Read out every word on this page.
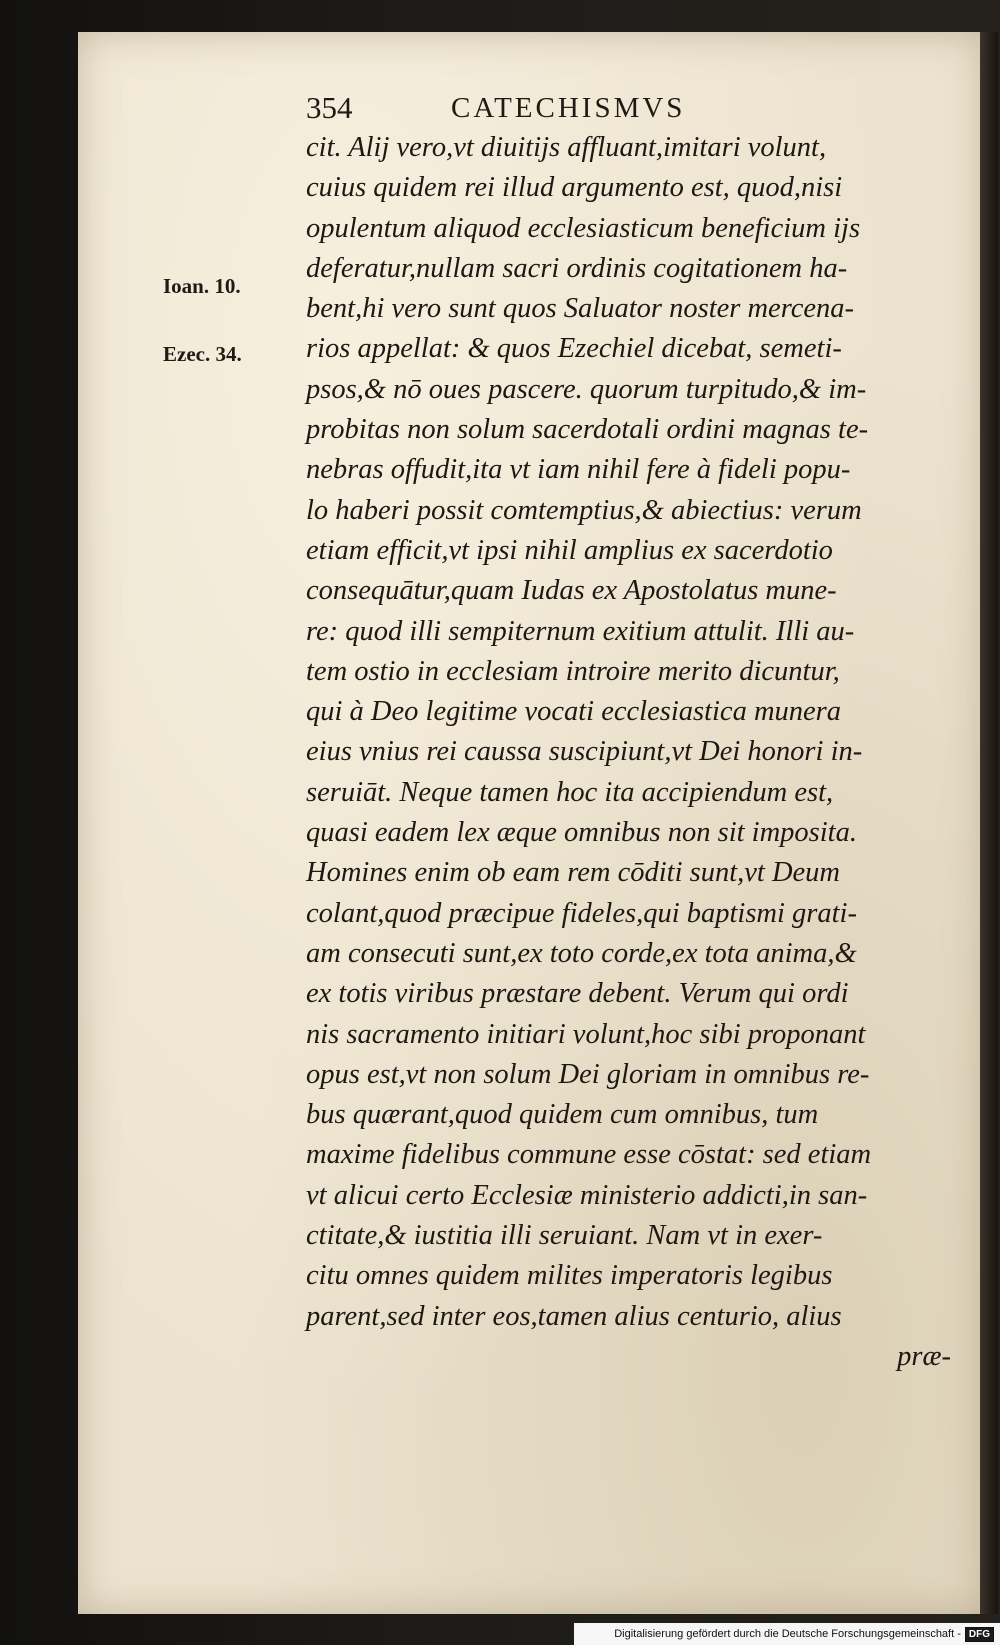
354	CATECHISMVS
Ioan. 10.
Ezec. 34.
cit. Alij vero,vt diuitijs affluant,imitari volunt,
cuius quidem rei illud argumento est, quod,nisi
opulentum aliquod ecclesiasticum beneficium ijs
deferatur,nullam sacri ordinis cogitationem ha-
bent,hi vero sunt quos Saluator noster mercena-
rios appellat: & quos Ezechiel dicebat, semeti-
psos,& nō oues pascere. quorum turpitudo,& im-
probitas non solum sacerdotali ordini magnas te-
nebras offudit,ita vt iam nihil fere à fideli popu-
lo haberi possit comtemptius,& abiectius: verum
etiam efficit,vt ipsi nihil amplius ex sacerdotio
consequātur,quam Iudas ex Apostolatus mune-
re: quod illi sempiternum exitium attulit. Illi au-
tem ostio in ecclesiam introire merito dicuntur,
qui à Deo legitime vocati ecclesiastica munera
eius vnius rei caussa suscipiunt,vt Dei honori in-
seruiāt. Neque tamen hoc ita accipiendum est,
quasi eadem lex æque omnibus non sit imposita.
Homines enim ob eam rem cōditi sunt,vt Deum
colant,quod præcipue fideles,qui baptismi grati-
am consecuti sunt,ex toto corde,ex tota anima,&
ex totis viribus præstare debent. Verum qui ordi
nis sacramento initiari volunt,hoc sibi proponant
opus est,vt non solum Dei gloriam in omnibus re-
bus quærant,quod quidem cum omnibus, tum
maxime fidelibus commune esse cōstat: sed etiam
vt alicui certo Ecclesiæ ministerio addicti,in san-
ctitate,& iustitia illi seruiant. Nam vt in exer-
citu omnes quidem milites imperatoris legibus
parent,sed inter eos,tamen alius centurio, alius
præ-
Digitalisierung gefördert durch die Deutsche Forschungsgemeinschaft - DFG
